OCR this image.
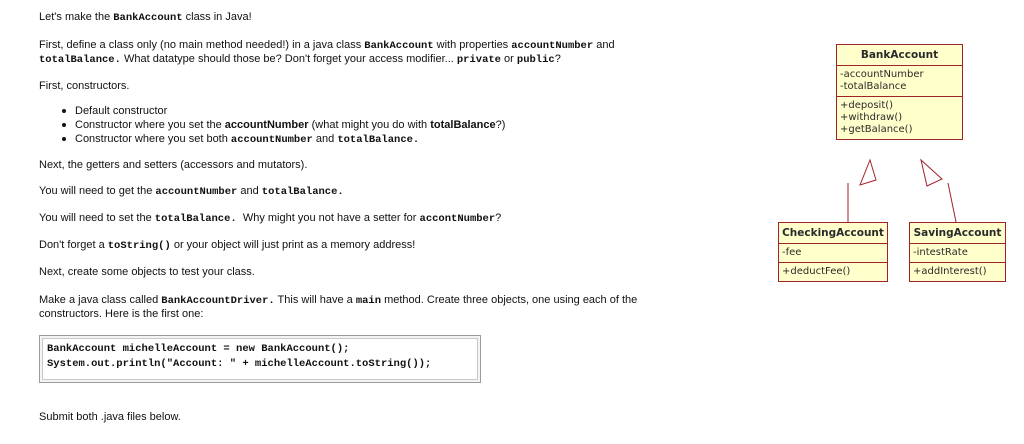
Let's make the BankAccount class in Java!
First, define a class only (no main method needed!) in a java class BankAccount with properties accountNumber and
totalBalance. What datatype should those be? Don't forget your access modifier... private or public?
First, constructors.
Default constructor
Constructor where you set the accountNumber (what might you do with totalBalance?)
Constructor where you set both accountNumber and totalBalance.
Next, the getters and setters (accessors and mutators).
You will need to get the accountNumber and totalBalance.
You will need to set the totalBalance.  Why might you not have a setter for accontNumber?
Don't forget a toString() or your object will just print as a memory address!
Next, create some objects to test your class.
Make a java class called BankAccountDriver. This will have a main method. Create three objects, one using each of the
constructors. Here is the first one:
BankAccount michelleAccount = new BankAccount();
System.out.println("Account: " + michelleAccount.toString());
Submit both .java files below.
BankAccount
-accountNumber
-totalBalance
+deposit()
+withdraw()
+getBalance()
CheckingAccount
-fee
+deductFee()
SavingAccount
-intestRate
+addInterest()
